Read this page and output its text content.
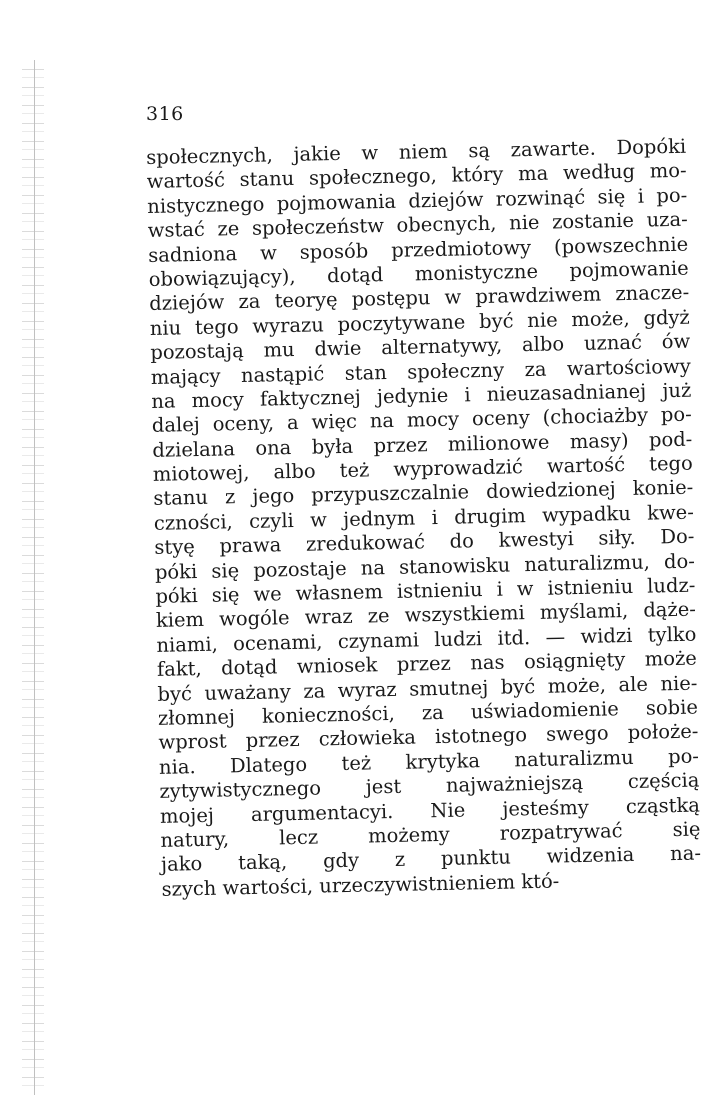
316
społecznych, jakie w niem są zawarte. Dopóki
wartość stanu społecznego, który ma według mo-
nistycznego pojmowania dziejów rozwinąć się i po-
wstać ze społeczeństw obecnych, nie zostanie uza-
sadniona w sposób przedmiotowy (powszechnie
obowiązujący), dotąd monistyczne pojmowanie
dziejów za teoryę postępu w prawdziwem znacze-
niu tego wyrazu poczytywane być nie może, gdyż
pozostają mu dwie alternatywy, albo uznać ów
mający nastąpić stan społeczny za wartościowy
na mocy faktycznej jedynie i nieuzasadnianej już
dalej oceny, a więc na mocy oceny (chociażby po-
dzielana ona była przez milionowe masy) pod-
miotowej, albo też wyprowadzić wartość tego
stanu z jego przypuszczalnie dowiedzionej konie-
czności, czyli w jednym i drugim wypadku kwe-
styę prawa zredukować do kwestyi siły. Do-
póki się pozostaje na stanowisku naturalizmu, do-
póki się we własnem istnieniu i w istnieniu ludz-
kiem wogóle wraz ze wszystkiemi myślami, dąże-
niami, ocenami, czynami ludzi itd. — widzi tylko
fakt, dotąd wniosek przez nas osiągnięty może
być uważany za wyraz smutnej być może, ale nie-
złomnej konieczności, za uświadomienie sobie
wprost przez człowieka istotnego swego położe-
nia. Dlatego też krytyka naturalizmu po-
zytywistycznego jest najważniejszą częścią
mojej argumentacyi. Nie jesteśmy cząstką
natury, lecz możemy rozpatrywać się
jako taką, gdy z punktu widzenia na-
szych wartości, urzeczywistnieniem któ-
